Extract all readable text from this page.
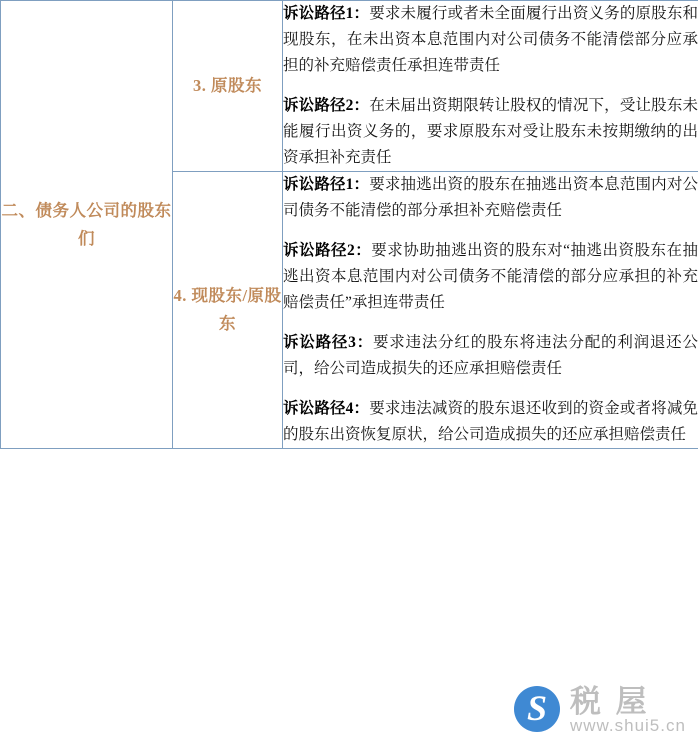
二、债务人公司的股东们	3. 原股东	诉讼路径1：要求未履行或者未全面履行出资义务的原股东和现股东，在未出资本息范围内对公司债务不能清偿部分应承担的补充赔偿责任承担连带责任

诉讼路径2：在未届出资期限转让股权的情况下，受让股东未能履行出资义务的，要求原股东对受让股东未按期缴纳的出资承担补充责任

	4. 现股东/原股东	诉讼路径1：要求抽逃出资的股东在抽逃出资本息范围内对公司债务不能清偿的部分承担补充赔偿责任

诉讼路径2：要求协助抽逃出资的股东对“抽逃出资股东在抽逃出资本息范围内对公司债务不能清偿的部分应承担的补充赔偿责任”承担连带责任

诉讼路径3：要求违法分红的股东将违法分配的利润退还公司，给公司造成损失的还应承担赔偿责任

诉讼路径4：要求违法减资的股东退还收到的资金或者将减免的股东出资恢复原状，给公司造成损失的还应承担赔偿责任

S 税 屋
www.shui5.cn
